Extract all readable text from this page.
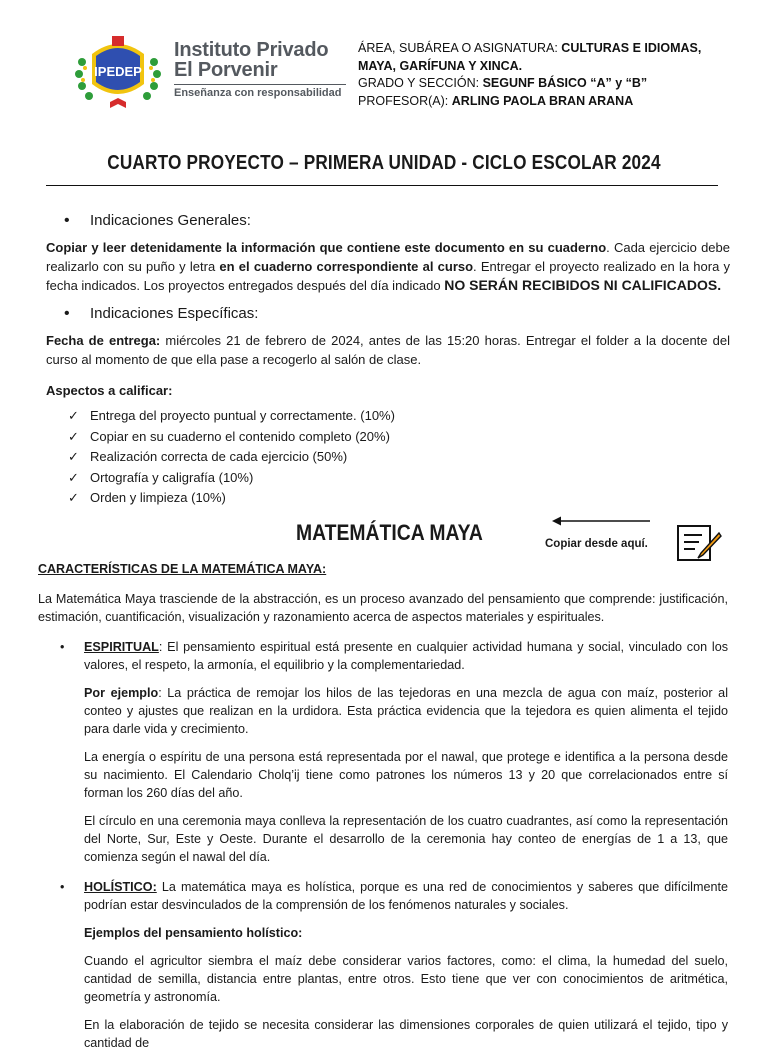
IPEDEP
Instituto Privado
El Porvenir
Enseñanza con responsabilidad
ÁREA, SUBÁREA O ASIGNATURA: CULTURAS E IDIOMAS, MAYA, GARÍFUNA Y XINCA.
GRADO Y SECCIÓN: SEGUNF BÁSICO “A” y “B”
PROFESOR(A): ARLING PAOLA BRAN ARANA
CUARTO PROYECTO – PRIMERA UNIDAD - CICLO ESCOLAR 2024
• Indicaciones Generales:

Copiar y leer detenidamente la información que contiene este documento en su cuaderno. Cada ejercicio debe realizarlo con su puño y letra en el cuaderno correspondiente al curso. Entregar el proyecto realizado en la hora y fecha indicados. Los proyectos entregados después del día indicado NO SERÁN RECIBIDOS NI CALIFICADOS.

• Indicaciones Específicas:

Fecha de entrega: miércoles 21 de febrero de 2024, antes de las 15:20 horas. Entregar el folder a la docente del curso al momento de que ella pase a recogerlo al salón de clase.

Aspectos a calificar:

✓ Entrega del proyecto puntual y correctamente. (10%)
✓ Copiar en su cuaderno el contenido completo (20%)
✓ Realización correcta de cada ejercicio (50%)
✓ Ortografía y caligrafía (10%)
✓ Orden y limpieza (10%)
MATEMÁTICA MAYA	Copiar desde aquí.
CARACTERÍSTICAS DE LA MATEMÁTICA MAYA:

La Matemática Maya trasciende de la abstracción, es un proceso avanzado del pensamiento que comprende: justificación, estimación, cuantificación, visualización y razonamiento acerca de aspectos materiales y espirituales.

• ESPIRITUAL: El pensamiento espiritual está presente en cualquier actividad humana y social, vinculado con los valores, el respeto, la armonía, el equilibrio y la complementariedad.

Por ejemplo: La práctica de remojar los hilos de las tejedoras en una mezcla de agua con maíz, posterior al conteo y ajustes que realizan en la urdidora. Esta práctica evidencia que la tejedora es quien alimenta el tejido para darle vida y crecimiento.

La energía o espíritu de una persona está representada por el nawal, que protege e identifica a la persona desde su nacimiento. El Calendario Cholq’ij tiene como patrones los números 13 y 20 que correlacionados entre sí forman los 260 días del año.

El círculo en una ceremonia maya conlleva la representación de los cuatro cuadrantes, así como la representación del Norte, Sur, Este y Oeste. Durante el desarrollo de la ceremonia hay conteo de energías de 1 a 13, que comienza según el nawal del día.

• HOLÍSTICO: La matemática maya es holística, porque es una red de conocimientos y saberes que difícilmente podrían estar desvinculados de la comprensión de los fenómenos naturales y sociales.

Ejemplos del pensamiento holístico:

Cuando el agricultor siembra el maíz debe considerar varios factores, como: el clima, la humedad del suelo, cantidad de semilla, distancia entre plantas, entre otros. Esto tiene que ver con conocimientos de aritmética, geometría y astronomía.

En la elaboración de tejido se necesita considerar las dimensiones corporales de quien utilizará el tejido, tipo y cantidad de
